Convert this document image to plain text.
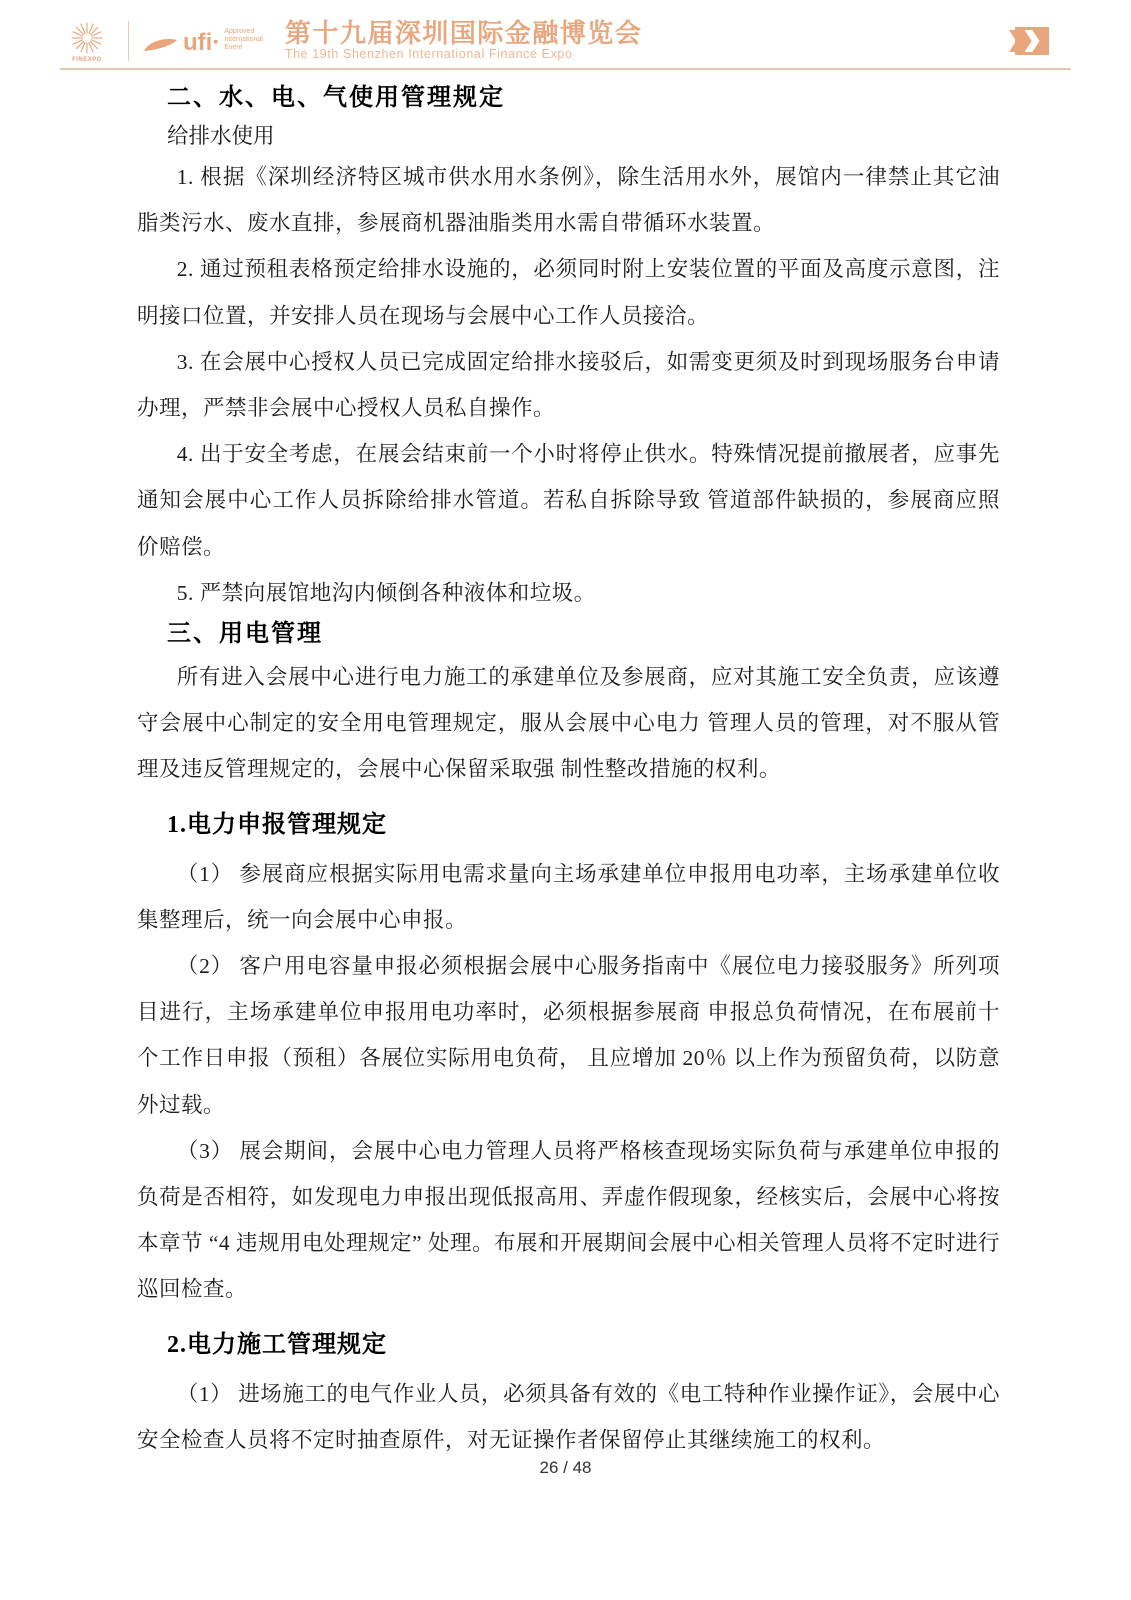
FINEXPO
ufi· Approved
International
Event	第十九届深圳国际金融博览会
The 19th Shenzhen International Finance Expo
二、水、电、气使用管理规定

给排水使用

1. 根据《深圳经济特区城市供水用水条例》，除生活用水外，展馆内一律禁止其它油脂类污水、废水直排，参展商机器油脂类用水需自带循环水装置。

2. 通过预租表格预定给排水设施的，必须同时附上安装位置的平面及高度示意图，注明接口位置，并安排人员在现场与会展中心工作人员接洽。

3. 在会展中心授权人员已完成固定给排水接驳后，如需变更须及时到现场服务台申请办理，严禁非会展中心授权人员私自操作。

4. 出于安全考虑，在展会结束前一个小时将停止供水。特殊情况提前撤展者，应事先通知会展中心工作人员拆除给排水管道。若私自拆除导致 管道部件缺损的，参展商应照价赔偿。

5. 严禁向展馆地沟内倾倒各种液体和垃圾。

三、用电管理

所有进入会展中心进行电力施工的承建单位及参展商，应对其施工安全负责，应该遵守会展中心制定的安全用电管理规定，服从会展中心电力 管理人员的管理，对不服从管理及违反管理规定的，会展中心保留采取强 制性整改措施的权利。

1.电力申报管理规定

（1） 参展商应根据实际用电需求量向主场承建单位申报用电功率，主场承建单位收集整理后，统一向会展中心申报。

（2） 客户用电容量申报必须根据会展中心服务指南中《展位电力接驳服务》所列项目进行，主场承建单位申报用电功率时，必须根据参展商 申报总负荷情况，在布展前十个工作日申报（预租）各展位实际用电负荷， 且应增加 20％ 以上作为预留负荷，以防意外过载。

（3） 展会期间，会展中心电力管理人员将严格核查现场实际负荷与承建单位申报的负荷是否相符，如发现电力申报出现低报高用、弄虚作假现象，经核实后，会展中心将按本章节 “4 违规用电处理规定” 处理。布展和开展期间会展中心相关管理人员将不定时进行巡回检查。

2.电力施工管理规定

（1） 进场施工的电气作业人员，必须具备有效的《电工特种作业操作证》，会展中心安全检查人员将不定时抽查原件，对无证操作者保留停止其继续施工的权利。

26 / 48
